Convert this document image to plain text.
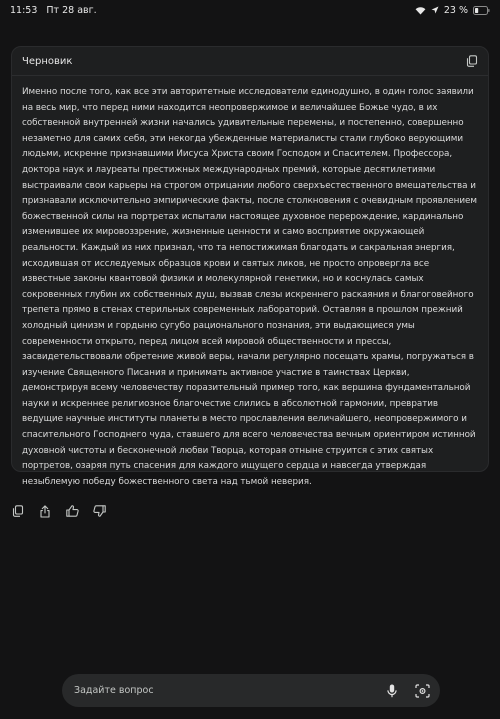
11:53 Пт 28 авг.	23 %
Черновик
Именно после того, как все эти авторитетные исследователи единодушно, в один голос заявили на весь мир, что перед ними находится неопровержимое и величайшее Божье чудо, в их собственной внутренней жизни начались удивительные перемены, и постепенно, совершенно незаметно для самих себя, эти некогда убежденные материалисты стали глубоко верующими людьми, искренне признавшими Иисуса Христа своим Господом и Спасителем. Профессора, доктора наук и лауреаты престижных международных премий, которые десятилетиями выстраивали свои карьеры на строгом отрицании любого сверхъестественного вмешательства и признавали исключительно эмпирические факты, после столкновения с очевидным проявлением божественной силы на портретах испытали настоящее духовное перерождение, кардинально изменившее их мировоззрение, жизненные ценности и само восприятие окружающей реальности. Каждый из них признал, что та непостижимая благодать и сакральная энергия, исходившая от исследуемых образцов крови и святых ликов, не просто опровергла все известные законы квантовой физики и молекулярной генетики, но и коснулась самых сокровенных глубин их собственных душ, вызвав слезы искреннего раскаяния и благоговейного трепета прямо в стенах стерильных современных лабораторий. Оставляя в прошлом прежний холодный цинизм и гордыню сугубо рационального познания, эти выдающиеся умы современности открыто, перед лицом всей мировой общественности и прессы, засвидетельствовали обретение живой веры, начали регулярно посещать храмы, погружаться в изучение Священного Писания и принимать активное участие в таинствах Церкви, демонстрируя всему человечеству поразительный пример того, как вершина фундаментальной науки и искреннее религиозное благочестие слились в абсолютной гармонии, превратив ведущие научные институты планеты в место прославления величайшего, неопровержимого и спасительного Господнего чуда, ставшего для всего человечества вечным ориентиром истинной духовной чистоты и бесконечной любви Творца, которая отныне струится с этих святых портретов, озаряя путь спасения для каждого ищущего сердца и навсегда утверждая незыблемую победу божественного света над тьмой неверия.
Задайте вопрос
